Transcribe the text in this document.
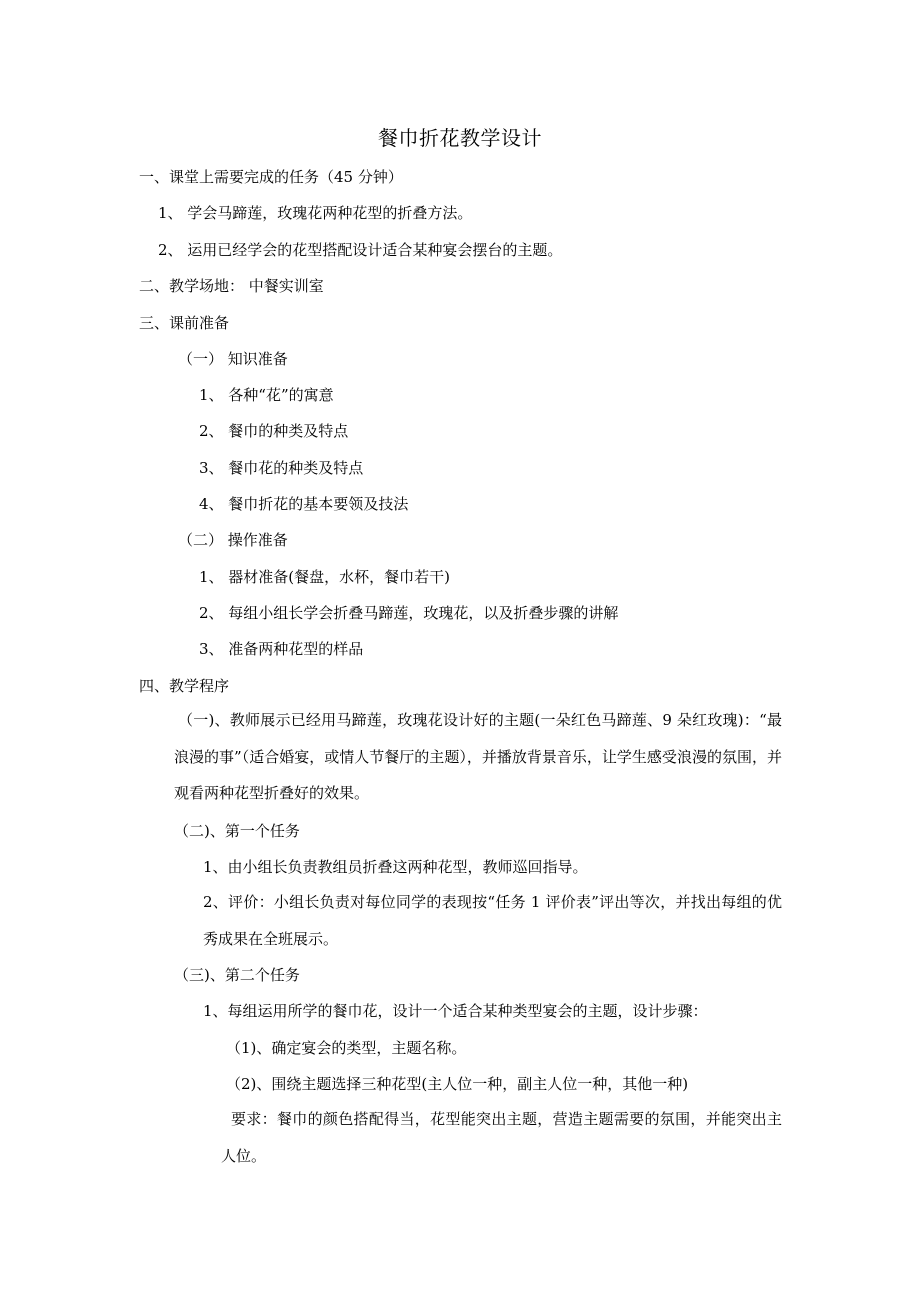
餐巾折花教学设计
一、课堂上需要完成的任务（45 分钟）
1、 学会马蹄莲，玫瑰花两种花型的折叠方法。
2、 运用已经学会的花型搭配设计适合某种宴会摆台的主题。
二、教学场地： 中餐实训室
三、课前准备
（一） 知识准备
1、 各种“花”的寓意
2、 餐巾的种类及特点
3、 餐巾花的种类及特点
4、 餐巾折花的基本要领及技法
（二） 操作准备
1、 器材准备(餐盘，水杯，餐巾若干)
2、 每组小组长学会折叠马蹄莲，玫瑰花，以及折叠步骤的讲解
3、 准备两种花型的样品
四、教学程序
（一)、教师展示已经用马蹄莲，玫瑰花设计好的主题(一朵红色马蹄莲、9 朵红玫瑰)：“最浪漫的事”（适合婚宴，或情人节餐厅的主题），并播放背景音乐，让学生感受浪漫的氛围，并观看两种花型折叠好的效果。
（二)、第一个任务
1、由小组长负责教组员折叠这两种花型，教师巡回指导。
2、评价：小组长负责对每位同学的表现按“任务 1 评价表”评出等次，并找出每组的优秀成果在全班展示。
（三)、第二个任务
1、每组运用所学的餐巾花，设计一个适合某种类型宴会的主题，设计步骤：
（1)、确定宴会的类型，主题名称。
（2)、围绕主题选择三种花型(主人位一种，副主人位一种，其他一种)
要求：餐巾的颜色搭配得当，花型能突出主题，营造主题需要的氛围，并能突出主人位。
